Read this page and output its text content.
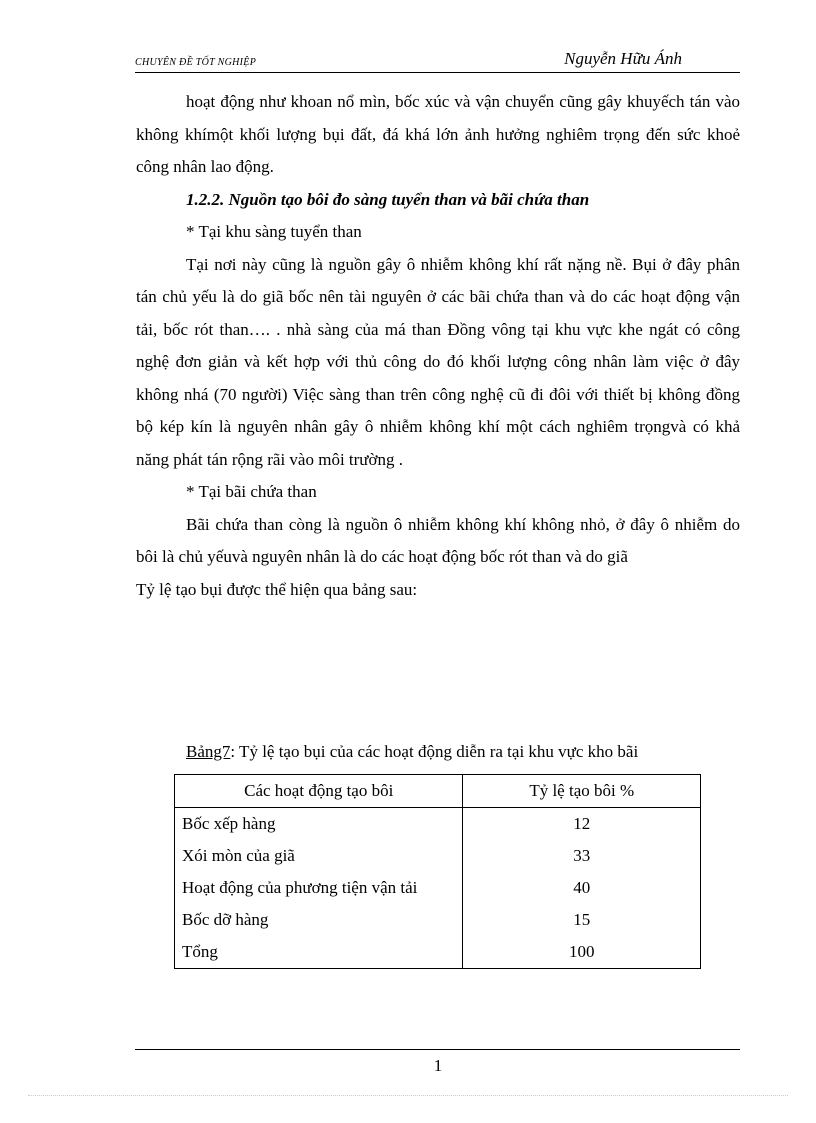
CHUYÊN ĐỀ TỐT NGHIỆP	Nguyễn Hữu Ánh

hoạt động như khoan nổ mìn, bốc xúc và vận chuyển cũng gây khuyếch tán vào không khímột khối lượng bụi đất, đá khá lớn ảnh hưởng nghiêm trọng đến sức khoẻ công nhân lao động.

1.2.2. Nguồn tạo bôi đo sàng tuyển than và bãi chứa than

* Tại khu sàng tuyển than

Tại nơi này cũng là nguồn gây ô nhiễm không khí rất nặng nề. Bụi ở đây phân tán chủ yếu là do giã bốc nên tài nguyên ở các bãi chứa than và do các hoạt động vận tải, bốc rót than…. . nhà sàng của má than Đồng vông tại khu vực khe ngát có công nghệ đơn giản và kết hợp với thủ công do đó khối lượng công nhân làm việc ở đây không nhá (70 người) Việc sàng than trên công nghệ cũ đi đôi với thiết bị không đồng bộ kép kín là nguyên nhân gây ô nhiễm không khí một cách nghiêm trọngvà có khả năng phát tán rộng rãi vào môi trường .

* Tại bãi chứa than

Bãi chứa than còng là nguồn ô nhiễm không khí không nhỏ, ở đây ô nhiễm do bôi là chủ yếuvà nguyên nhân là do các hoạt động bốc rót than và do giã

Tỷ lệ tạo bụi được thể hiện qua bảng sau:

Bảng7: Tỷ lệ tạo bụi của các hoạt động diễn ra tại khu vực kho bãi
Các hoạt động tạo bôi	Tỷ lệ tạo bôi %
Bốc xếp hàng	12
Xói mòn của giã	33
Hoạt động của phương tiện vận tải	40
Bốc dỡ hàng	15
Tổng	100
1
